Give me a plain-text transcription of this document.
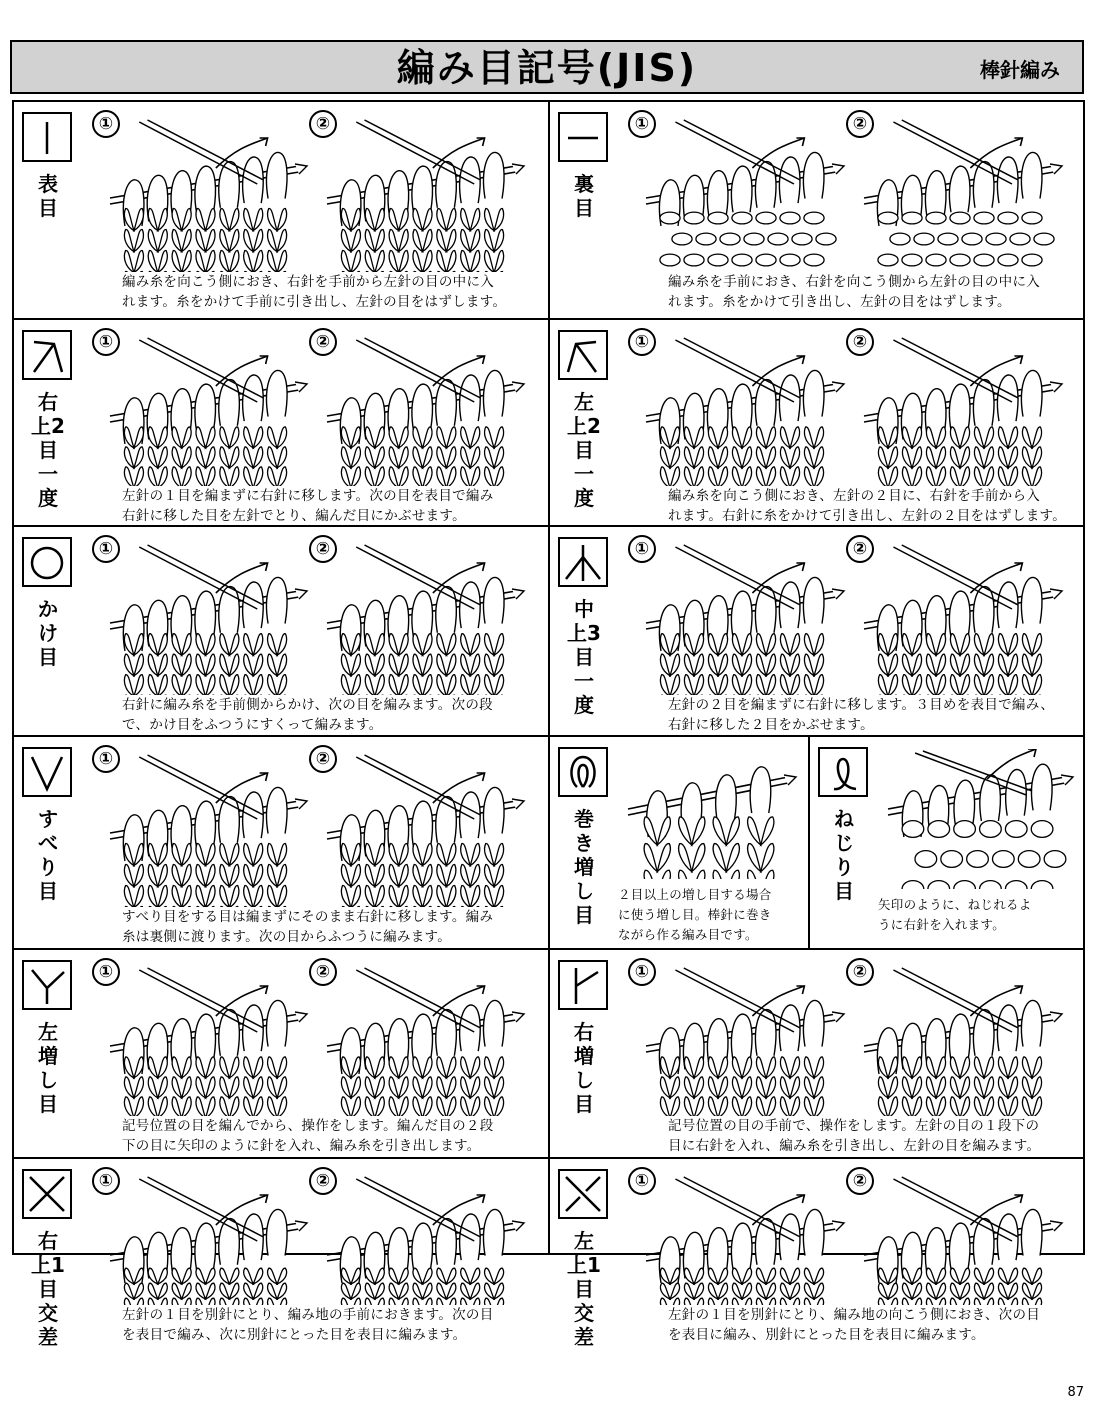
編み目記号(JIS)	棒針編み
表目
①	②
編み糸を向こう側におき、右針を手前から左針の目の中に入
れます。糸をかけて手前に引き出し、左針の目をはずします。
裏目
①	②
編み糸を手前におき、右針を向こう側から左針の目の中に入
れます。糸をかけて引き出し、左針の目をはずします。
右上2目一度
①	②
左針の１目を編まずに右針に移します。次の目を表目で編み
右針に移した目を左針でとり、編んだ目にかぶせます。
左上2目一度
①	②
編み糸を向こう側におき、左針の２目に、右針を手前から入
れます。右針に糸をかけて引き出し、左針の２目をはずします。
かけ目
①	②
右針に編み糸を手前側からかけ、次の目を編みます。次の段
で、かけ目をふつうにすくって編みます。
中上3目一度
①	②
左針の２目を編まずに右針に移します。３目めを表目で編み、
右針に移した２目をかぶせます。
すべり目
①	②
すべり目をする目は編まずにそのまま右針に移します。編み
糸は裏側に渡ります。次の目からふつうに編みます。
巻き増し目
２目以上の増し目する場合
に使う増し目。棒針に巻き
ながら作る編み目です。
ねじり目
矢印のように、ねじれるよ
うに右針を入れます。
左増し目
①	②
記号位置の目を編んでから、操作をします。編んだ目の２段
下の目に矢印のように針を入れ、編み糸を引き出します。
右増し目
①	②
記号位置の目の手前で、操作をします。左針の目の１段下の
目に右針を入れ、編み糸を引き出し、左針の目を編みます。
右上1目交差
①	②
左針の１目を別針にとり、編み地の手前におきます。次の目
を表目で編み、次に別針にとった目を表目に編みます。
左上1目交差
①	②
左針の１目を別針にとり、編み地の向こう側におき、次の目
を表目に編み、別針にとった目を表目に編みます。
87
